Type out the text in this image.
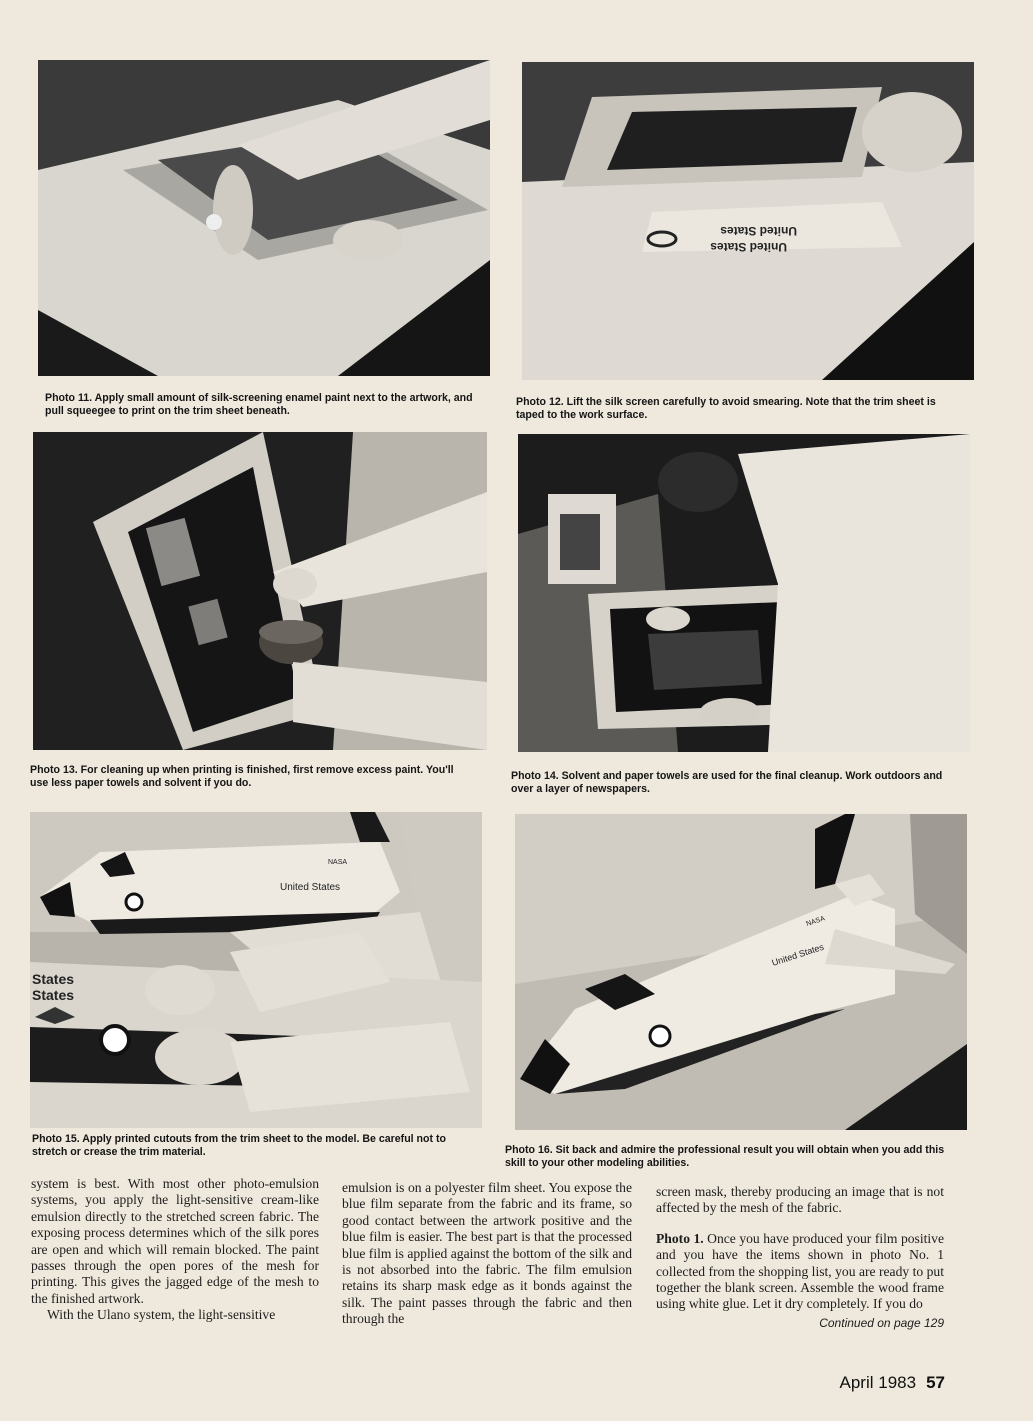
Photo 11. Apply small amount of silk-screening enamel paint next to the artwork, and pull squeegee to print on the trim sheet beneath.

United States
United States

Photo 12. Lift the silk screen carefully to avoid smearing. Note that the trim sheet is taped to the work surface.

Photo 13. For cleaning up when printing is finished, first remove excess paint. You'll use less paper towels and solvent if you do.

Photo 14. Solvent and paper towels are used for the final cleanup. Work outdoors and over a layer of newspapers.

United States
NASA
States
States

Photo 15. Apply printed cutouts from the trim sheet to the model. Be careful not to stretch or crease the trim material.

United States
NASA

Photo 16. Sit back and admire the professional result you will obtain when you add this skill to your other modeling abilities.

system is best. With most other photo-emulsion systems, you apply the light-sensitive cream-like emulsion directly to the stretched screen fabric. The exposing process determines which of the silk pores are open and which will remain blocked. The paint passes through the open pores of the mesh for printing. This gives the jagged edge of the mesh to the finished artwork.

With the Ulano system, the light-sensitive

emulsion is on a polyester film sheet. You expose the blue film separate from the fabric and its frame, so good contact between the artwork positive and the blue film is easier. The best part is that the processed blue film is applied against the bottom of the silk and is not absorbed into the fabric. The film emulsion retains its sharp mask edge as it bonds against the silk. The paint passes through the fabric and then through the

screen mask, thereby producing an image that is not affected by the mesh of the fabric.

Photo 1. Once you have produced your film positive and you have the items shown in photo No. 1 collected from the shopping list, you are ready to put together the blank screen. Assemble the wood frame using white glue. Let it dry completely. If you do

Continued on page 129
April 1983 57
